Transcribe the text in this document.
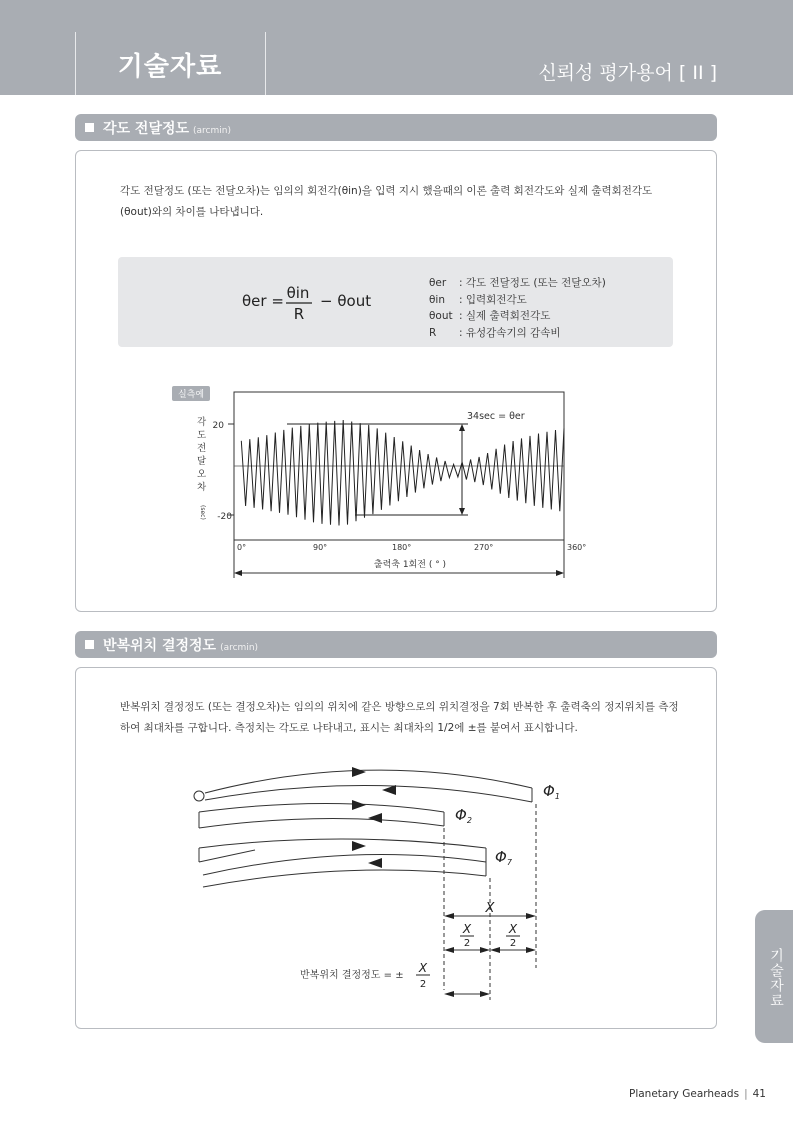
기술자료	신뢰성 평가용어 [ II ]
각도 전달정도 (arcmin)
각도 전달정도 (또는 전달오차)는 임의의 회전각(θin)을 입력 지시 했을때의 이론 출력 회전각도와 실제 출력회전각도 (θout)와의 차이를 나타냅니다.
θer = θin
R
− θout
θer	: 각도 전달정도 (또는 전달오차)
θin	: 입력회전각도
θout	: 실제 출력회전각도
R	: 유성감속기의 감속비
실측예
20
-20
각 도 전 달 오 차
(sec)
0°	90°	180°	270°	360°
출력축 1회전 ( ° )
34sec = θer
반복위치 결정정도 (arcmin)
반복위치 결정정도 (또는 결정오차)는 임의의 위치에 같은 방향으로의 위치결정을 7회 반복한 후 출력축의 정지위치를 측정하여 최대차를 구합니다. 측정치는 각도로 나타내고, 표시는 최대차의 1/2에 ±를 붙여서 표시합니다.
$\Phi_1$
$\Phi_2$
$\Phi_7$
X
X
2
X
2
반복위치 결정정도 = ±
X
2	기술자료
Planetary Gearheads | 41
